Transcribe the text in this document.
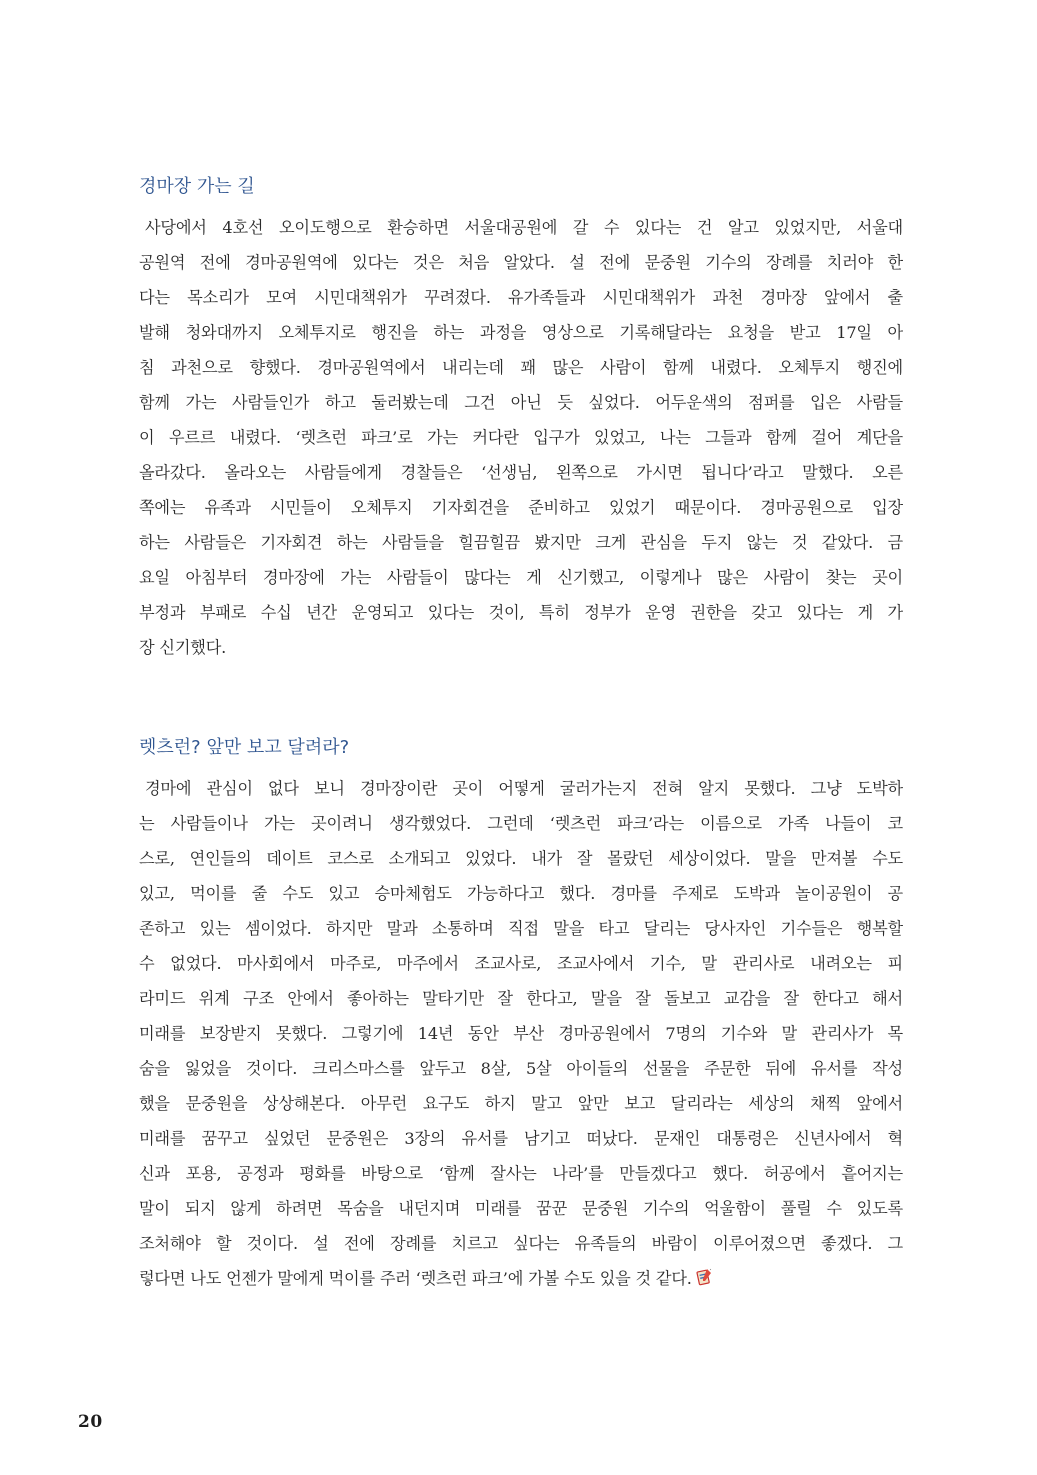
경마장 가는 길
사당에서 4호선 오이도행으로 환승하면 서울대공원에 갈 수 있다는 건 알고 있었지만, 서울대
공원역 전에 경마공원역에 있다는 것은 처음 알았다. 설 전에 문중원 기수의 장례를 치러야 한
다는 목소리가 모여 시민대책위가 꾸려졌다. 유가족들과 시민대책위가 과천 경마장 앞에서 출
발해 청와대까지 오체투지로 행진을 하는 과정을 영상으로 기록해달라는 요청을 받고 17일 아
침 과천으로 향했다. 경마공원역에서 내리는데 꽤 많은 사람이 함께 내렸다. 오체투지 행진에
함께 가는 사람들인가 하고 둘러봤는데 그건 아닌 듯 싶었다. 어두운색의 점퍼를 입은 사람들
이 우르르 내렸다. ‘렛츠런 파크’로 가는 커다란 입구가 있었고, 나는 그들과 함께 걸어 계단을
올라갔다. 올라오는 사람들에게 경찰들은 ‘선생님, 왼쪽으로 가시면 됩니다’라고 말했다. 오른
쪽에는 유족과 시민들이 오체투지 기자회견을 준비하고 있었기 때문이다. 경마공원으로 입장
하는 사람들은 기자회견 하는 사람들을 힐끔힐끔 봤지만 크게 관심을 두지 않는 것 같았다. 금
요일 아침부터 경마장에 가는 사람들이 많다는 게 신기했고, 이렇게나 많은 사람이 찾는 곳이
부정과 부패로 수십 년간 운영되고 있다는 것이, 특히 정부가 운영 권한을 갖고 있다는 게 가
장 신기했다.
렛츠런? 앞만 보고 달려라?
경마에 관심이 없다 보니 경마장이란 곳이 어떻게 굴러가는지 전혀 알지 못했다. 그냥 도박하
는 사람들이나 가는 곳이려니 생각했었다. 그런데 ‘렛츠런 파크’라는 이름으로 가족 나들이 코
스로, 연인들의 데이트 코스로 소개되고 있었다. 내가 잘 몰랐던 세상이었다. 말을 만져볼 수도
있고, 먹이를 줄 수도 있고 승마체험도 가능하다고 했다. 경마를 주제로 도박과 놀이공원이 공
존하고 있는 셈이었다. 하지만 말과 소통하며 직접 말을 타고 달리는 당사자인 기수들은 행복할
수 없었다. 마사회에서 마주로, 마주에서 조교사로, 조교사에서 기수, 말 관리사로 내려오는 피
라미드 위계 구조 안에서 좋아하는 말타기만 잘 한다고, 말을 잘 돌보고 교감을 잘 한다고 해서
미래를 보장받지 못했다. 그렇기에 14년 동안 부산 경마공원에서 7명의 기수와 말 관리사가 목
숨을 잃었을 것이다. 크리스마스를 앞두고 8살, 5살 아이들의 선물을 주문한 뒤에 유서를 작성
했을 문중원을 상상해본다. 아무런 요구도 하지 말고 앞만 보고 달리라는 세상의 채찍 앞에서
미래를 꿈꾸고 싶었던 문중원은 3장의 유서를 남기고 떠났다. 문재인 대통령은 신년사에서 혁
신과 포용, 공정과 평화를 바탕으로 ‘함께 잘사는 나라’를 만들겠다고 했다. 허공에서 흩어지는
말이 되지 않게 하려면 목숨을 내던지며 미래를 꿈꾼 문중원 기수의 억울함이 풀릴 수 있도록
조처해야 할 것이다. 설 전에 장례를 치르고 싶다는 유족들의 바람이 이루어졌으면 좋겠다. 그
렇다면 나도 언젠가 말에게 먹이를 주러 ‘렛츠런 파크’에 가볼 수도 있을 것 같다.
20
